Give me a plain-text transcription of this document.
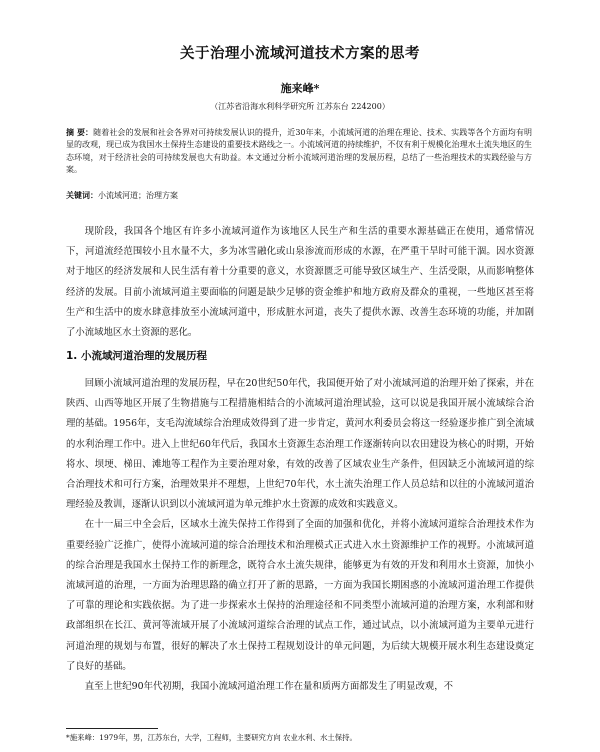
关于治理小流域河道技术方案的思考
施来峰*
（江苏省沿海水利科学研究所 江苏东台 224200）
摘 要：随着社会的发展和社会各界对可持续发展认识的提升，近30年来，小流域河道的治理在理论、技术、实践等各个方面均有明显的改观，现已成为我国水土保持生态建设的重要技术路线之一。小流域河道的持续维护，不仅有利于规模化治理水土流失地区的生态环境，对于经济社会的可持续发展也大有助益。本文通过分析小流域河道治理的发展历程，总结了一些治理技术的实践经验与方案。
关键词：小流域河道；治理方案

现阶段，我国各个地区有许多小流域河道作为该地区人民生产和生活的重要水源基础正在使用，通常情况下，河道流经范围较小且水量不大，多为冰雪融化或山泉渗流而形成的水源，在严重干旱时可能干涸。因水资源对于地区的经济发展和人民生活有着十分重要的意义，水资源匮乏可能导致区域生产、生活受限，从而影响整体经济的发展。目前小流域河道主要面临的问题是缺少足够的资金维护和地方政府及群众的重视，一些地区甚至将生产和生活中的废水肆意排放至小流域河道中，形成脏水河道，丧失了提供水源、改善生态环境的功能，并加剧了小流域地区水土资源的恶化。

1. 小流域河道治理的发展历程

回顾小流域河道治理的发展历程，早在20世纪50年代，我国便开始了对小流域河道的治理开始了探索，并在陕西、山西等地区开展了生物措施与工程措施相结合的小流域河道治理试验，这可以说是我国开展小流域综合治理的基础。1956年，支毛沟流域综合治理成效得到了进一步肯定，黄河水利委员会将这一经验逐步推广到全流域的水利治理工作中。进入上世纪60年代后，我国水土资源生态治理工作逐渐转向以农田建设为核心的时期，开始将水、坝埂、梯田、滩地等工程作为主要治理对象，有效的改善了区域农业生产条件，但因缺乏小流域河道的综合治理技术和可行方案，治理效果并不理想，上世纪70年代，水土流失治理工作人员总结和以往的小流域河道治理经验及教训，逐渐认识到以小流域河道为单元维护水土资源的成效和实践意义。

在十一届三中全会后，区域水土流失保持工作得到了全面的加强和优化，并将小流域河道综合治理技术作为重要经验广泛推广，使得小流域河道的综合治理技术和治理模式正式进入水土资源维护工作的视野。小流域河道的综合治理是我国水土保持工作的新理念，既符合水土流失规律，能够更为有效的开发和利用水土资源，加快小流域河道的治理，一方面为治理思路的确立打开了新的思路，一方面为我国长期困惑的小流域河道治理工作提供了可靠的理论和实践依据。为了进一步探索水土保持的治理途径和不同类型小流域河道的治理方案，水利部和财政部组织在长江、黄河等流域开展了小流域河道综合治理的试点工作，通过试点，以小流域河道为主要单元进行河道治理的规划与布置，很好的解决了水土保持工程规划设计的单元问题，为后续大规模开展水利生态建设奠定了良好的基础。

直至上世纪90年代初期，我国小流域河道治理工作在量和质两方面都发生了明显改观，不

*施来峰：1979年，男，江苏东台，大学，工程师，主要研究方向 农业水利、水土保持。
